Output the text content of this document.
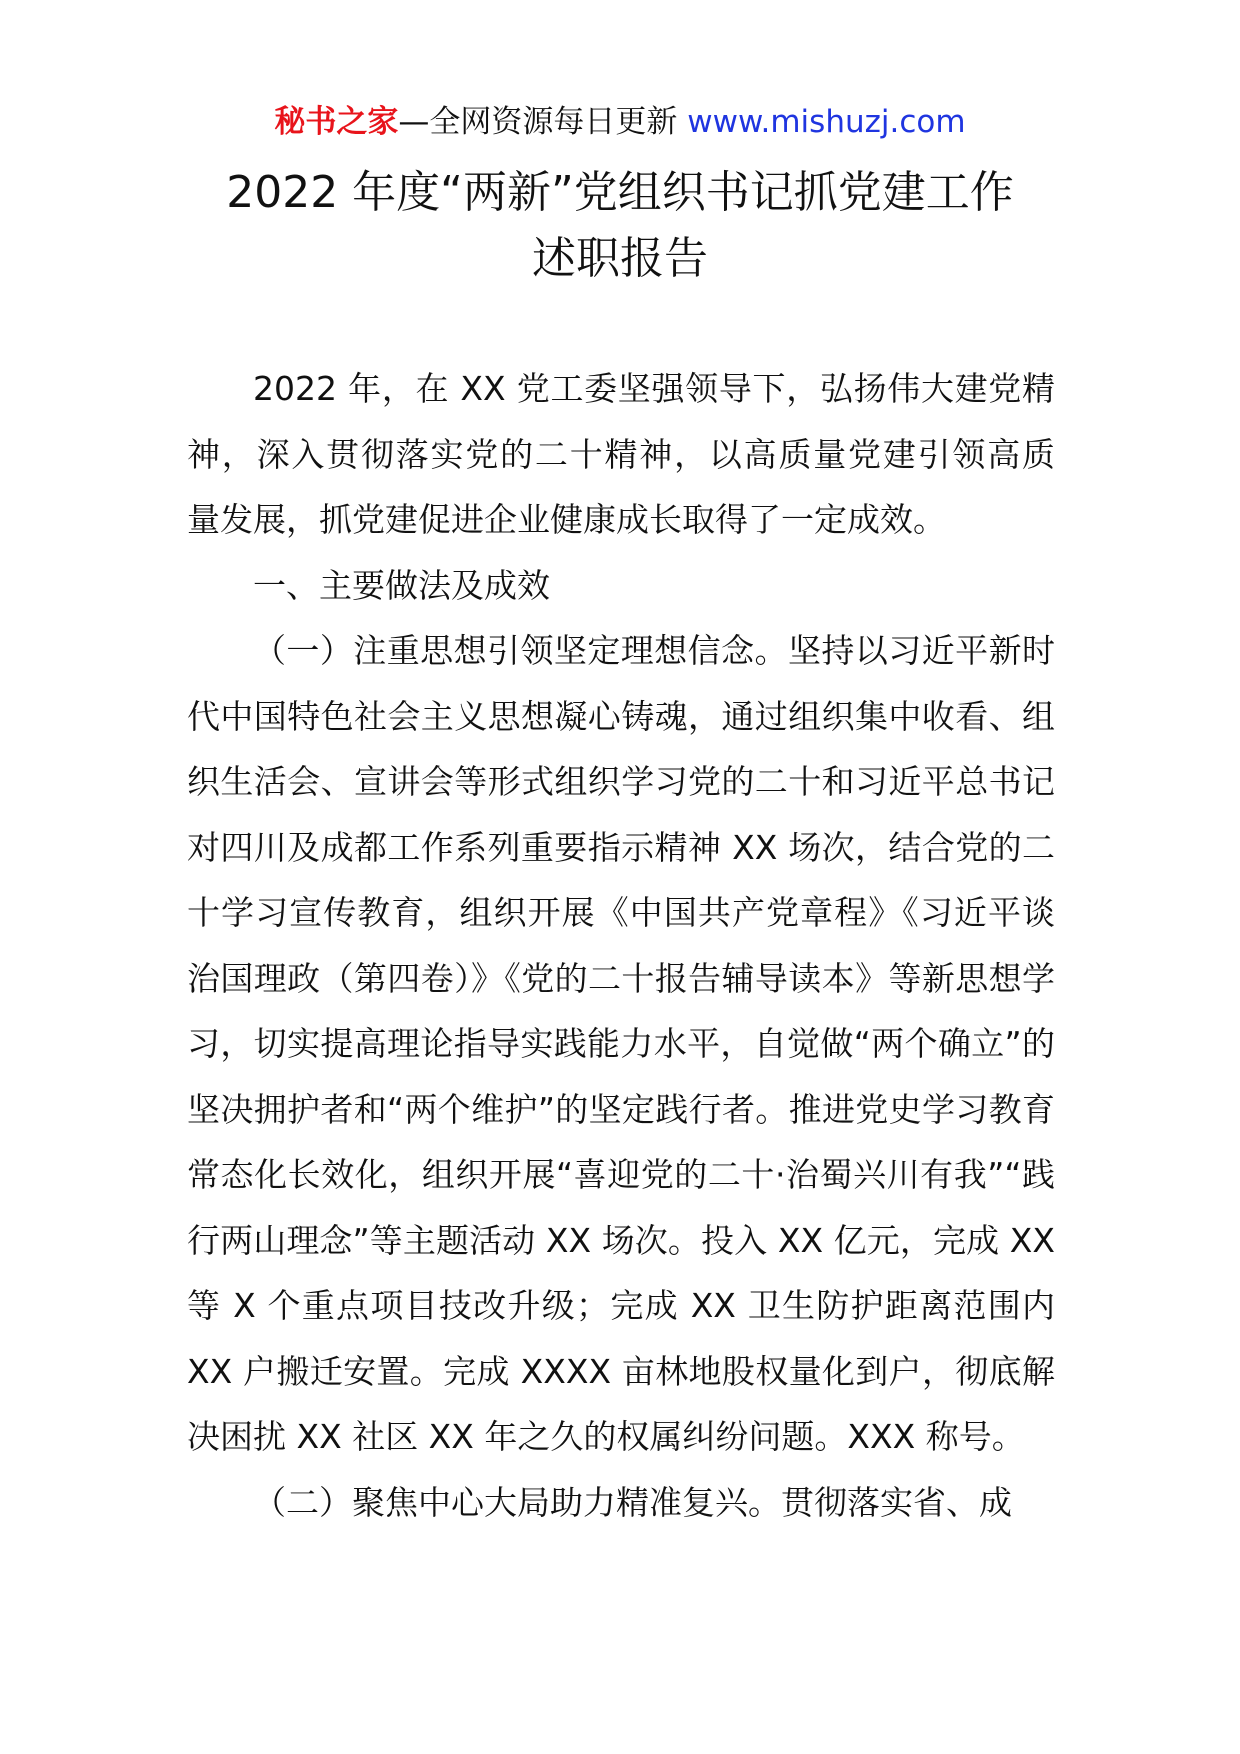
秘书之家—全网资源每日更新 www.mishuzj.com
2022 年度“两新”党组织书记抓党建工作
述职报告

2022 年，在 XX 党工委坚强领导下，弘扬伟大建党精
神，深入贯彻落实党的二十精神，以高质量党建引领高质
量发展，抓党建促进企业健康成长取得了一定成效。

一、主要做法及成效

（一）注重思想引领坚定理想信念。坚持以习近平新时代中国特色社会主义思想凝心铸魂，通过组织集中收看、组织生活会、宣讲会等形式组织学习党的二十和习近平总书记对四川及成都工作系列重要指示精神 XX 场次，结合党的二十学习宣传教育，组织开展《中国共产党章程》《习近平谈治国理政（第四卷）》《党的二十报告辅导读本》等新思想学习，切实提高理论指导实践能力水平，自觉做“两个确立”的坚决拥护者和“两个维护”的坚定践行者。推进党史学习教育常态化长效化，组织开展“喜迎党的二十·治蜀兴川有我”“践行两山理念”等主题活动 XX 场次。投入 XX 亿元，完成 XX 等 X 个重点项目技改升级；完成 XX 卫生防护距离范围内 XX 户搬迁安置。完成 XXXX 亩林地股权量化到户，彻底解决困扰 XX 社区 XX 年之久的权属纠纷问题。XXX 称号。

（二）聚焦中心大局助力精准复兴。贯彻落实省、成
